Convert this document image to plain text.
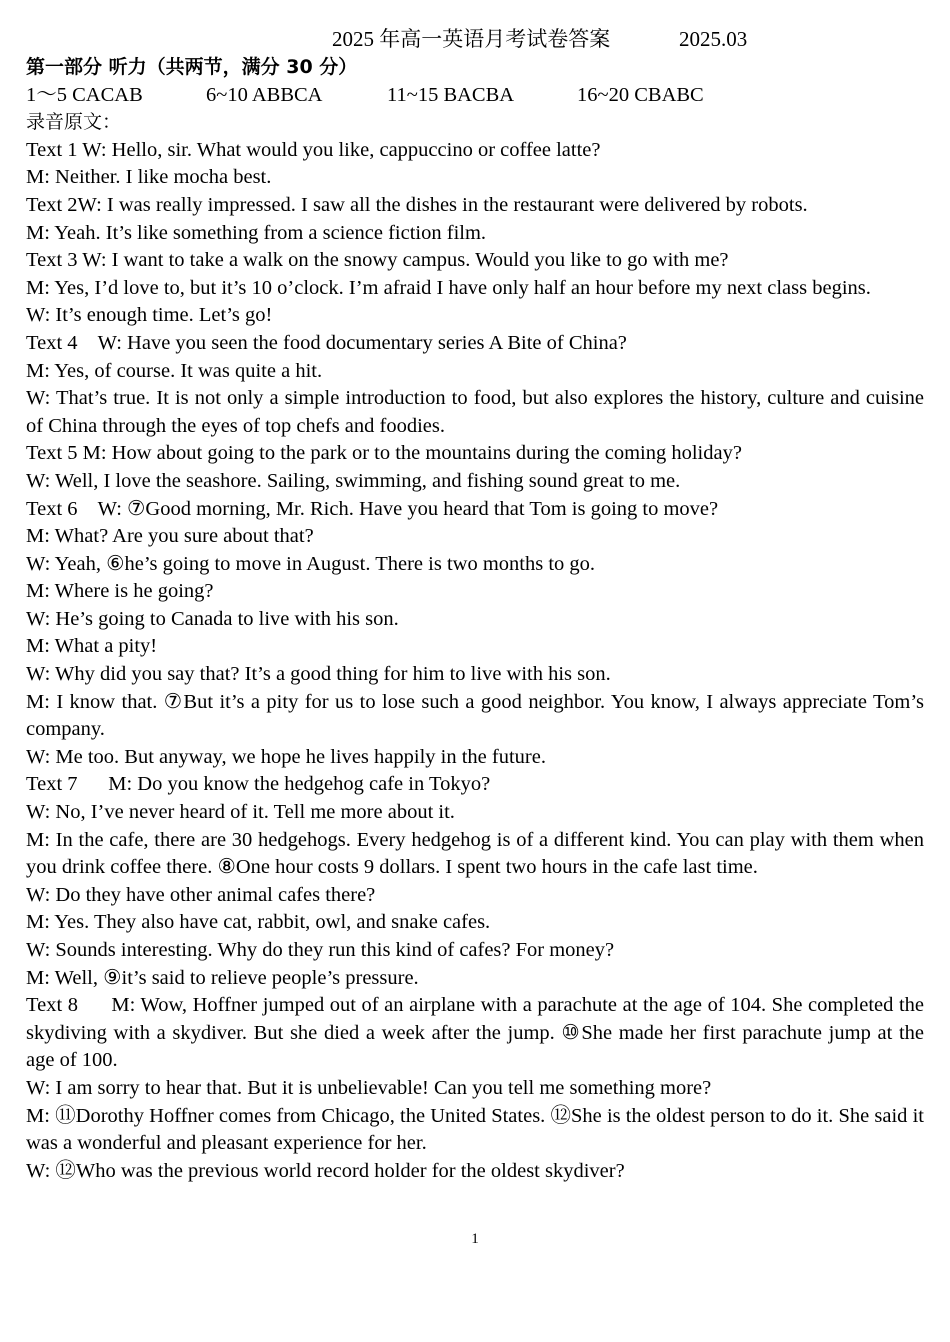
2025 年高一英语月考试卷答案	2025.03
第一部分 听力（共两节，满分 30 分）
1～5 CACAB	6~10 ABBCA	11~15 BACBA	16~20 CBABC
录音原文：
Text 1 W: Hello, sir. What would you like, cappuccino or coffee latte?
M: Neither. I like mocha best.
Text 2W: I was really impressed. I saw all the dishes in the restaurant were delivered by robots.
M: Yeah. It’s like something from a science fiction film.
Text 3 W: I want to take a walk on the snowy campus. Would you like to go with me?
M: Yes, I’d love to, but it’s 10 o’clock. I’m afraid I have only half an hour before my next class begins.
W: It’s enough time. Let’s go!
Text 4    W: Have you seen the food documentary series A Bite of China?
M: Yes, of course. It was quite a hit.
W: That’s true. It is not only a simple introduction to food, but also explores the history, culture and cuisine of China through the eyes of top chefs and foodies.
Text 5 M: How about going to the park or to the mountains during the coming holiday?
W: Well, I love the seashore. Sailing, swimming, and fishing sound great to me.
Text 6    W: ⑦Good morning, Mr. Rich. Have you heard that Tom is going to move?
M: What? Are you sure about that?
W: Yeah, ⑥he’s going to move in August. There is two months to go.
M: Where is he going?
W: He’s going to Canada to live with his son.
M: What a pity!
W: Why did you say that? It’s a good thing for him to live with his son.
M: I know that. ⑦But it’s a pity for us to lose such a good neighbor. You know, I always appreciate Tom’s company.
W: Me too. But anyway, we hope he lives happily in the future.
Text 7      M: Do you know the hedgehog cafe in Tokyo?
W: No, I’ve never heard of it. Tell me more about it.
M: In the cafe, there are 30 hedgehogs. Every hedgehog is of a different kind. You can play with them when you drink coffee there. ⑧One hour costs 9 dollars. I spent two hours in the cafe last time.
W: Do they have other animal cafes there?
M: Yes. They also have cat, rabbit, owl, and snake cafes.
W: Sounds interesting. Why do they run this kind of cafes? For money?
M: Well, ⑨it’s said to relieve people’s pressure.
Text 8      M: Wow, Hoffner jumped out of an airplane with a parachute at the age of 104. She completed the skydiving with a skydiver. But she died a week after the jump. ⑩She made her first parachute jump at the age of 100.
W: I am sorry to hear that. But it is unbelievable! Can you tell me something more?
M: ⑪Dorothy Hoffner comes from Chicago, the United States. ⑫She is the oldest person to do it. She said it was a wonderful and pleasant experience for her.
W: ⑫Who was the previous world record holder for the oldest skydiver?
1
